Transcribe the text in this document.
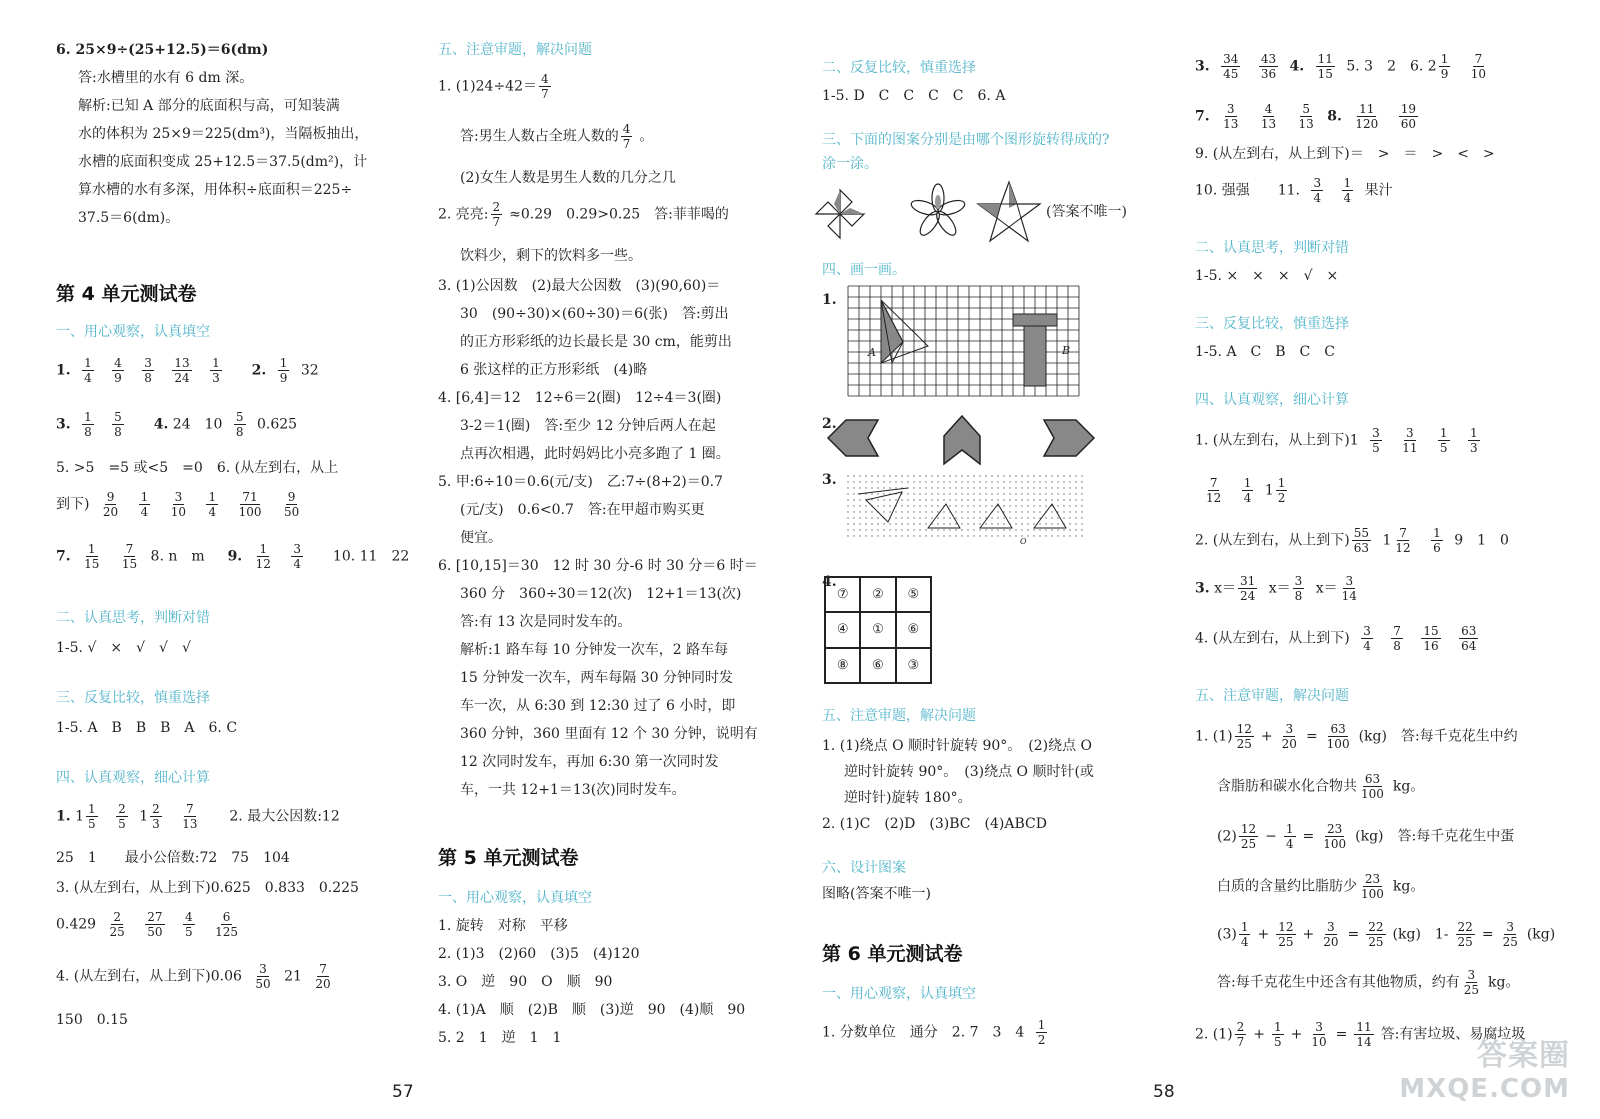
6. 25×9÷(25+12.5)＝6(dm)
答:水槽里的水有 6 dm 深。
解析:已知 A 部分的底面积与高，可知装满
水的体积为 25×9＝225(dm³)，当隔板抽出，
水槽的底面积变成 25+12.5＝37.5(dm²)，计
算水槽的水有多深，用体积÷底面积＝225÷
37.5＝6(dm)。
第 4 单元测试卷
一、用心观察，认真填空
1. $\frac{1}{4}$
$\frac{4}{9}$
$\frac{3}{8}$
$\frac{13}{24}$
$\frac{1}{3} 2$. $\frac{1}{9} 32$
3. $\frac{1}{8}$
$\frac{5}{8} 4$. 24　$10 \frac{5}{8} 0.625$
5. >5　=5 或<5　=0 6. (从左到右，从上
到下) $\frac{9}{20}$
$\frac{1}{4}$
$\frac{3}{10}$
$\frac{1}{4}$
$\frac{71}{100}$
$\frac{9}{50}$
7. $\frac{1}{15}$
$\frac{7}{15} 8$. n　m 9. $\frac{1}{12}$
$\frac{3}{4} 10$. 11　22
二、认真思考，判断对错
1-5. √　×　√　√　√
三、反复比较，慎重选择
1-5. A　B　B　B　A　6. C
四、认真观察，细心计算
1. $1 \frac{1}{5}$
$\frac{2}{5} 1 \frac{2}{3}$
$\frac{7}{13} 2$. 最大公因数:12
25　1　　最小公倍数:72　75　104
3. (从左到右，从上到下)0.625　0.833　0.225
$0.429 \frac{2}{25}$
$\frac{27}{50}$
$\frac{4}{5}$
$\frac{6}{125}$
4. (从左到右，从上到下)$0.06 \frac{3}{50} 21 \frac{7}{20}$
150　0.15
五、注意审题，解决问题
1. $(1)24\div 42= \frac{4}{7}$
答:男生人数占全班人数的 $\frac{4}{7}$ 。
(2)女生人数是男生人数的几分之几
2. 亮亮: $\frac{2}{7} \approx 0.29$　0.29>0.25　答:菲菲喝的
饮料少，剩下的饮料多一些。
3. (1)公因数　(2)最大公因数　(3)(90,60)＝
30　(90÷30)×(60÷30)＝6(张)　答:剪出
的正方形彩纸的边长最长是 30 cm，能剪出
6 张这样的正方形彩纸　(4)略
4. [6,4]＝12　12÷6＝2(圈)　12÷4＝3(圈)
3-2＝1(圈)　答:至少 12 分钟后两人在起
点再次相遇，此时妈妈比小亮多跑了 1 圈。
5. 甲:6÷10＝0.6(元/支)　乙:7÷(8+2)＝0.7
(元/支)　0.6<0.7　答:在甲超市购买更
便宜。
6. [10,15]＝30　12 时 30 分-6 时 30 分＝6 时＝
360 分　360÷30＝12(次)　12+1＝13(次)
答:有 13 次是同时发车的。
解析:1 路车每 10 分钟发一次车，2 路车每
15 分钟发一次车，两车每隔 30 分钟同时发
车一次，从 6:30 到 12:30 过了 6 小时，即
360 分钟，360 里面有 12 个 30 分钟，说明有
12 次同时发车，再加 6:30 第一次同时发
车，一共 12+1＝13(次)同时发车。
第 5 单元测试卷
一、用心观察，认真填空
1. 旋转　对称　平移
2. (1)3　(2)60　(3)5　(4)120
3. O　逆　90　O　顺　90
4. (1)A　顺　(2)B　顺　(3)逆　90　(4)顺　90
5. 2　1　逆　1　1
二、反复比较，慎重选择
1-5. D　C　C　C　C　6. A
三、下面的图案分别是由哪个图形旋转得成的?
涂一涂。
(答案不唯一)
四、画一画。
1.
A	B
2.
3.
O
4.
⑦	②	⑤
④	①	⑥
⑧	⑥	③
五、注意审题，解决问题
1. (1)绕点 O 顺时针旋转 90°。　(2)绕点 O
逆时针旋转 90°。　(3)绕点 O 顺时针(或
逆时针)旋转 180°。
2. (1)C　(2)D　(3)BC　(4)ABCD
六、设计图案
图略(答案不唯一)
第 6 单元测试卷
一、用心观察，认真填空
1. 分数单位　通分　2. 7　3　$4 \frac{1}{2}$
3. $\frac{34}{45}$
$\frac{43}{36} 4$. $\frac{11}{15} 5$. 3　2　6. $2 \frac{1}{9}$
$\frac{7}{10}$
7. $\frac{3}{13}$
$\frac{4}{13}$
$\frac{5}{13} 8$. $\frac{11}{120}$
$\frac{19}{60}$
9. (从左到右，从上到下)＝　>　＝　>　<　>
10. 强强　　11. $\frac{3}{4}$
$\frac{1}{4}$ 果汁
二、认真思考，判断对错
1-5. ×　×　×　√　×
三、反复比较，慎重选择
1-5. A　C　B　C　C
四、认真观察，细心计算
1. (从左到右，从上到下)$1 \frac{3}{5}$
$\frac{3}{11}$
$\frac{1}{5}$
$\frac{1}{3}$
$\frac{7}{12}$
$\frac{1}{4} 1 \frac{1}{2}$
2. (从左到右，从上到下) $\frac{55}{63} 1 \frac{7}{12}$
$\frac{1}{6} 9$　1　0
3. $x= \frac{31}{24} x= \frac{3}{8} x= \frac{3}{14}$
4. (从左到右，从上到下) $\frac{3}{4}$
$\frac{7}{8}$
$\frac{15}{16}$
$\frac{63}{64}$
五、注意审题，解决问题
1. $(1) \frac{12}{25} + \frac{3}{20} = \frac{63}{100} (kg)$　答:每千克花生中约
含脂肪和碳水化合物共 $\frac{63}{100}$ kg。
$(2) \frac{12}{25} - \frac{1}{4} = \frac{23}{100} (kg)$　答:每千克花生中蛋
白质的含量约比脂肪少 $\frac{23}{100}$ kg。
$(3) \frac{1}{4} + \frac{12}{25} + \frac{3}{20} = \frac{22}{25} (kg)$　$1- \frac{22}{25} = \frac{3}{25} (kg)$
答:每千克花生中还含有其他物质，约有 $\frac{3}{25}$ kg。
2. $(1) \frac{2}{7} + \frac{1}{5} + \frac{3}{10} = \frac{11}{14}$ 答:有害垃圾、易腐垃圾
57	58
答案圈
MXQE.COM
